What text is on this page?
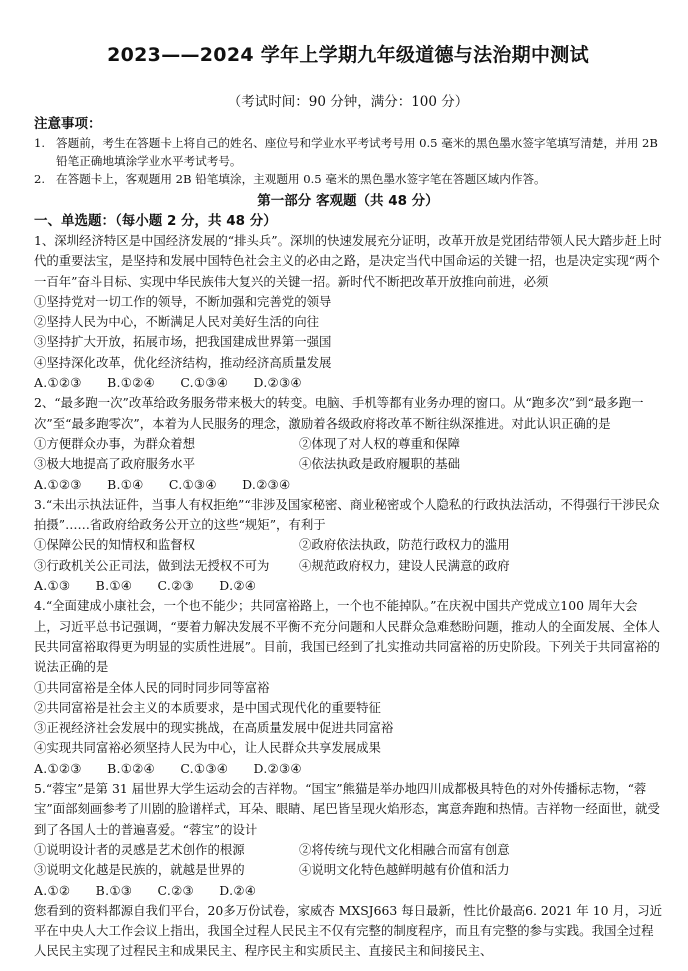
2023——2024 学年上学期九年级道德与法治期中测试
（考试时间：90 分钟，满分：100 分）
注意事项：
1. 答题前，考生在答题卡上将自己的姓名、座位号和学业水平考试考号用 0.5 毫米的黑色墨水签字笔填写清楚，并用 2B 铅笔正确地填涂学业水平考试考号。
2. 在答题卡上，客观题用 2B 铅笔填涂，主观题用 0.5 毫米的黑色墨水签字笔在答题区域内作答。
第一部分 客观题（共 48 分）
一、单选题：（每小题 2 分，共 48 分）
1、深圳经济特区是中国经济发展的“排头兵”。深圳的快速发展充分证明，改革开放是党团结带领人民大踏步赶上时代的重要法宝，是坚持和发展中国特色社会主义的必由之路，是决定当代中国命运的关键一招，也是决定实现“两个一百年”奋斗目标、实现中华民族伟大复兴的关键一招。新时代不断把改革开放推向前进，必须
①坚持党对一切工作的领导，不断加强和完善党的领导
②坚持人民为中心，不断满足人民对美好生活的向往
③坚持扩大开放，拓展市场，把我国建成世界第一强国
④坚持深化改革，优化经济结构，推动经济高质量发展
A.①②③　　B.①②④　　C.①③④　　D.②③④
2、“最多跑一次”改革给政务服务带来极大的转变。电脑、手机等都有业务办理的窗口。从“跑多次”到“最多跑一次”至“最多跑零次”，本着为人民服务的理念，激励着各级政府将改革不断往纵深推进。对此认识正确的是
①方便群众办事，为群众着想	②体现了对人权的尊重和保障
③极大地提高了政府服务水平	④依法执政是政府履职的基础
A.①②③　　B.①④　　C.①③④　　D.②③④
3.“未出示执法证件，当事人有权拒绝”“非涉及国家秘密、商业秘密或个人隐私的行政执法活动，不得强行干涉民众拍摄”……省政府给政务公开立的这些“规矩”，有利于
①保障公民的知情权和监督权	②政府依法执政，防范行政权力的滥用
③行政机关公正司法，做到法无授权不可为	④规范政府权力，建设人民满意的政府
A.①③　　B.①④　　C.②③　　D.②④
4.“全面建成小康社会，一个也不能少；共同富裕路上，一个也不能掉队。”在庆祝中国共产党成立100 周年大会上，习近平总书记强调，“要着力解决发展不平衡不充分问题和人民群众急难愁盼问题，推动人的全面发展、全体人民共同富裕取得更为明显的实质性进展”。目前，我国已经到了扎实推动共同富裕的历史阶段。下列关于共同富裕的说法正确的是
①共同富裕是全体人民的同时同步同等富裕
②共同富裕是社会主义的本质要求，是中国式现代化的重要特征
③正视经济社会发展中的现实挑战，在高质量发展中促进共同富裕
④实现共同富裕必须坚持人民为中心，让人民群众共享发展成果
A.①②③　　B.①②④　　C.①③④　　D.②③④
5.“蓉宝”是第 31 届世界大学生运动会的吉祥物。“国宝”熊猫是举办地四川成都极具特色的对外传播标志物，“蓉宝”面部刻画参考了川剧的脸谱样式，耳朵、眼睛、尾巴皆呈现火焰形态，寓意奔跑和热情。吉祥物一经面世，就受到了各国人士的普遍喜爱。“蓉宝”的设计
①说明设计者的灵感是艺术创作的根源	②将传统与现代文化相融合而富有创意
③说明文化越是民族的，就越是世界的	④说明文化特色越鲜明越有价值和活力
A.①②　　B.①③　　C.②③　　D.②④
您看到的资料都源自我们平台，20多万份试卷，家威杏 MXSJ663 每日最新，性比价最高6. 2021 年 10 月，习近平在中央人大工作会议上指出，我国全过程人民民主不仅有完整的制度程序，而且有完整的参与实践。我国全过程人民民主实现了过程民主和成果民主、程序民主和实质民主、直接民主和间接民主、
